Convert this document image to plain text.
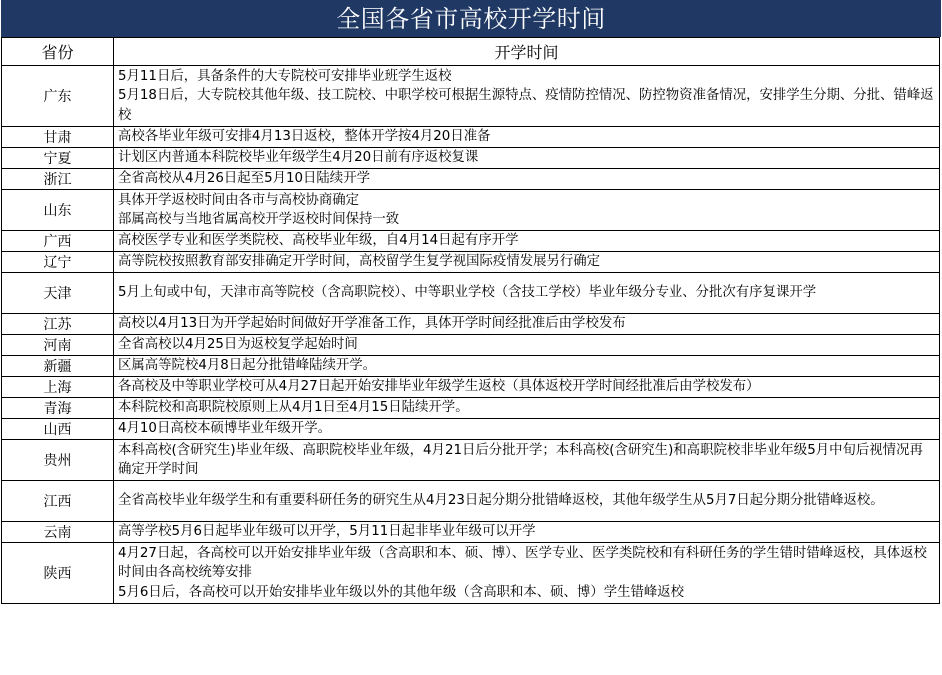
全国各省市高校开学时间
省份	开学时间
广东	5月11日后，具备条件的大专院校可安排毕业班学生返校
5月18日后，大专院校其他年级、技工院校、中职学校可根据生源特点、疫情防控情况、防控物资准备情况，安排学生分期、分批、错峰返校

甘肃	高校各毕业年级可安排4月13日返校，整体开学按4月20日准备

宁夏	计划区内普通本科院校毕业年级学生4月20日前有序返校复课

浙江	全省高校从4月26日起至5月10日陆续开学

山东	具体开学返校时间由各市与高校协商确定
部属高校与当地省属高校开学返校时间保持一致

广西	高校医学专业和医学类院校、高校毕业年级，自4月14日起有序开学

辽宁	高等院校按照教育部安排确定开学时间，高校留学生复学视国际疫情发展另行确定

天津	5月上旬或中旬，天津市高等院校（含高职院校）、中等职业学校（含技工学校）毕业年级分专业、分批次有序复课开学

江苏	高校以4月13日为开学起始时间做好开学准备工作，具体开学时间经批准后由学校发布

河南	全省高校以4月25日为返校复学起始时间

新疆	区属高等院校4月8日起分批错峰陆续开学。

上海	各高校及中等职业学校可从4月27日起开始安排毕业年级学生返校（具体返校开学时间经批准后由学校发布）

青海	本科院校和高职院校原则上从4月1日至4月15日陆续开学。

山西	4月10日高校本硕博毕业年级开学。

贵州	本科高校(含研究生)毕业年级、高职院校毕业年级，4月21日后分批开学；本科高校(含研究生)和高职院校非毕业年级5月中旬后视情况再确定开学时间

江西	全省高校毕业年级学生和有重要科研任务的研究生从4月23日起分期分批错峰返校，其他年级学生从5月7日起分期分批错峰返校。

云南	高等学校5月6日起毕业年级可以开学，5月11日起非毕业年级可以开学

陕西	4月27日起，各高校可以开始安排毕业年级（含高职和本、硕、博）、医学专业、医学类院校和有科研任务的学生错时错峰返校，具体返校时间由各高校统筹安排
5月6日后，各高校可以开始安排毕业年级以外的其他年级（含高职和本、硕、博）学生错峰返校
